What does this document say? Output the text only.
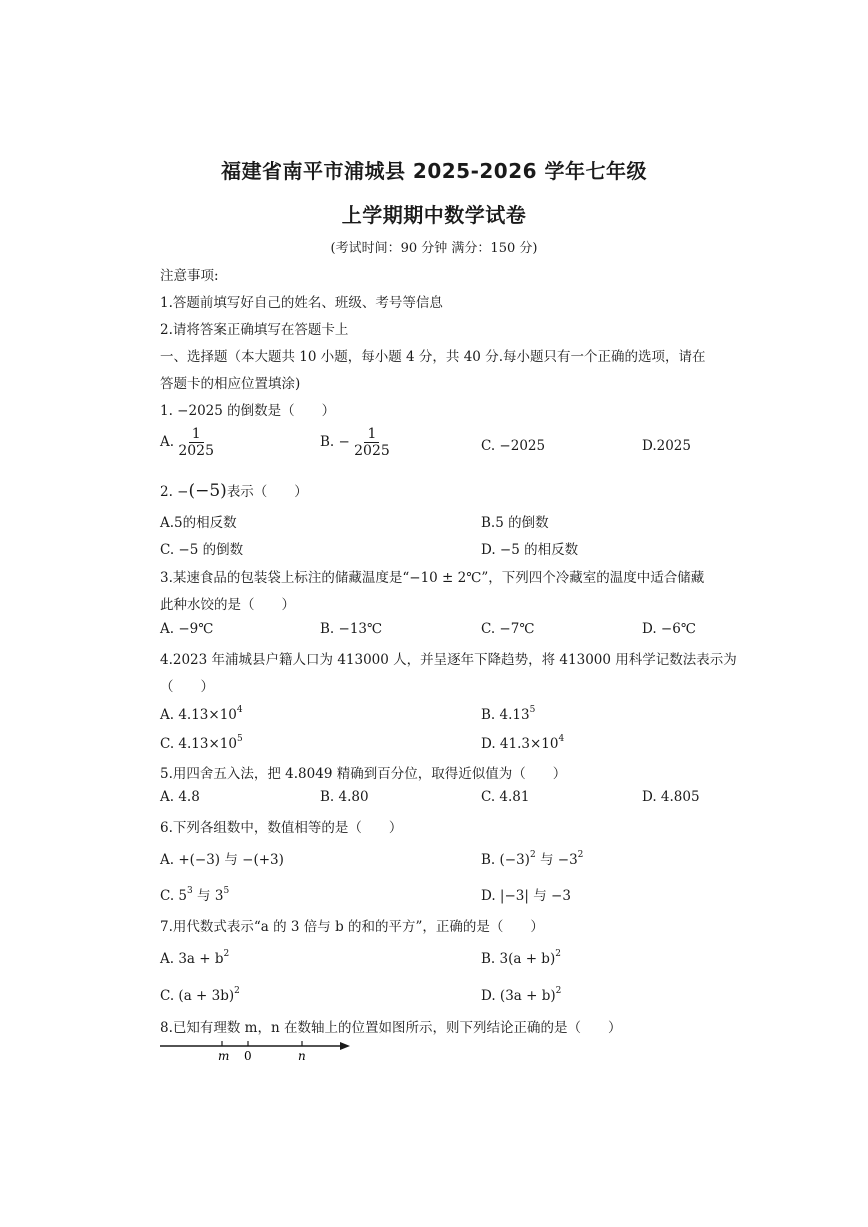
福建省南平市浦城县 2025-2026 学年七年级
上学期期中数学试卷
(考试时间：90 分钟 满分：150 分)
注意事项:
1.答题前填写好自己的姓名、班级、考号等信息
2.请将答案正确填写在答题卡上
一、选择题（本大题共 10 小题，每小题 4 分，共 40 分.每小题只有一个正确的选项，请在
答题卡的相应位置填涂)
1. −2025 的倒数是（　　）
A. $\frac{1}{2025}$	B. − $\frac{1}{2025}$	C. −2025	D.2025
2. −(−5)表示（　　）
A.5的相反数	B.5 的倒数
C. −5 的倒数	D. −5 的相反数
3.某速食品的包装袋上标注的储藏温度是“−10 ± 2℃”，下列四个冷藏室的温度中适合储藏
此种水饺的是（　　）
A. −9℃	B. −13℃	C. −7℃	D. −6℃
4.2023 年浦城县户籍人口为 413000 人，并呈逐年下降趋势，将 413000 用科学记数法表示为
（　　）
A. $4.13\times 10^4$	B. 4.13$^5$
C. $4.13\times 10^5$	D. $41.3\times 10^4$
5.用四舍五入法，把 4.8049 精确到百分位，取得近似值为（　　）
A. 4.8	B. 4.80	C. 4.81	D. 4.805
6.下列各组数中，数值相等的是（　　）
A. +(−3) 与 −(+3)	B. $(-3)^2$ 与 $-3^2$
C. $5^3$ 与 $3^5$	D. |−3| 与 −3
7.用代数式表示“a 的 3 倍与 b 的和的平方”，正确的是（　　）
A. $3a + b^2$	B. $3(a + b)^2$
C. $(a + 3b)^2$	D. $(3a + b)^2$
8.已知有理数 m，n 在数轴上的位置如图所示，则下列结论正确的是（　　）
m 0	n
